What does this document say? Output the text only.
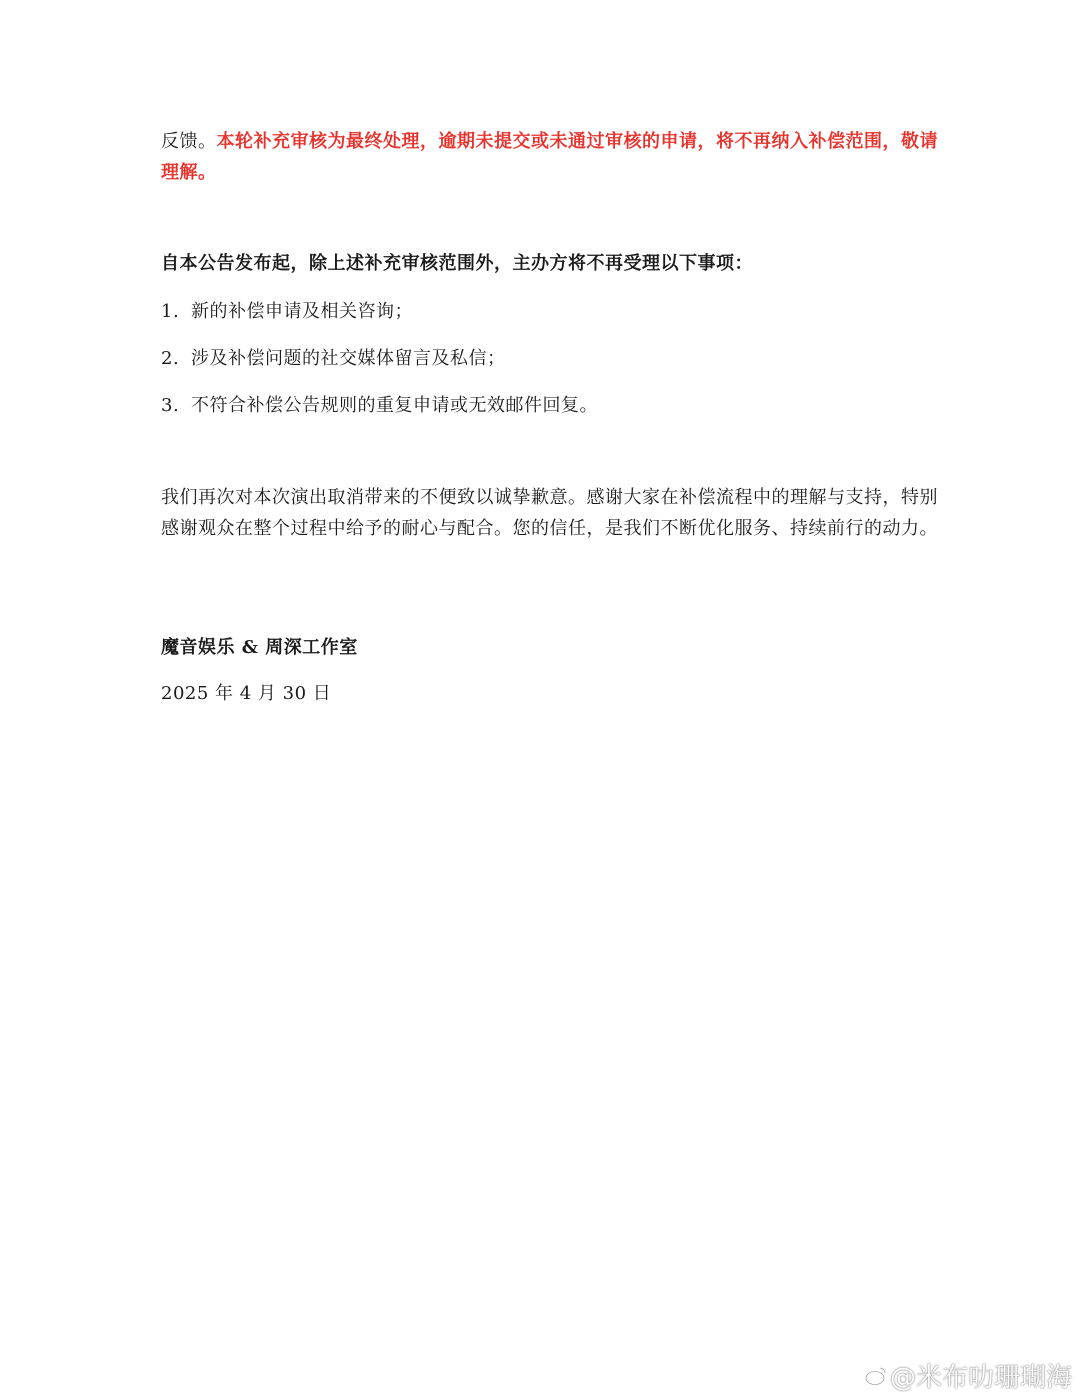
反馈。本轮补充审核为最终处理，逾期未提交或未通过审核的申请，将不再纳入补偿范围，敬请理解。

自本公告发布起，除上述补充审核范围外，主办方将不再受理以下事项：

1. 新的补偿申请及相关咨询；

2. 涉及补偿问题的社交媒体留言及私信；

3. 不符合补偿公告规则的重复申请或无效邮件回复。

我们再次对本次演出取消带来的不便致以诚挚歉意。感谢大家在补偿流程中的理解与支持，特别感谢观众在整个过程中给予的耐心与配合。您的信任，是我们不断优化服务、持续前行的动力。

魔音娱乐 & 周深工作室

2025 年 4 月 30 日

@米布叻珊瑚海
